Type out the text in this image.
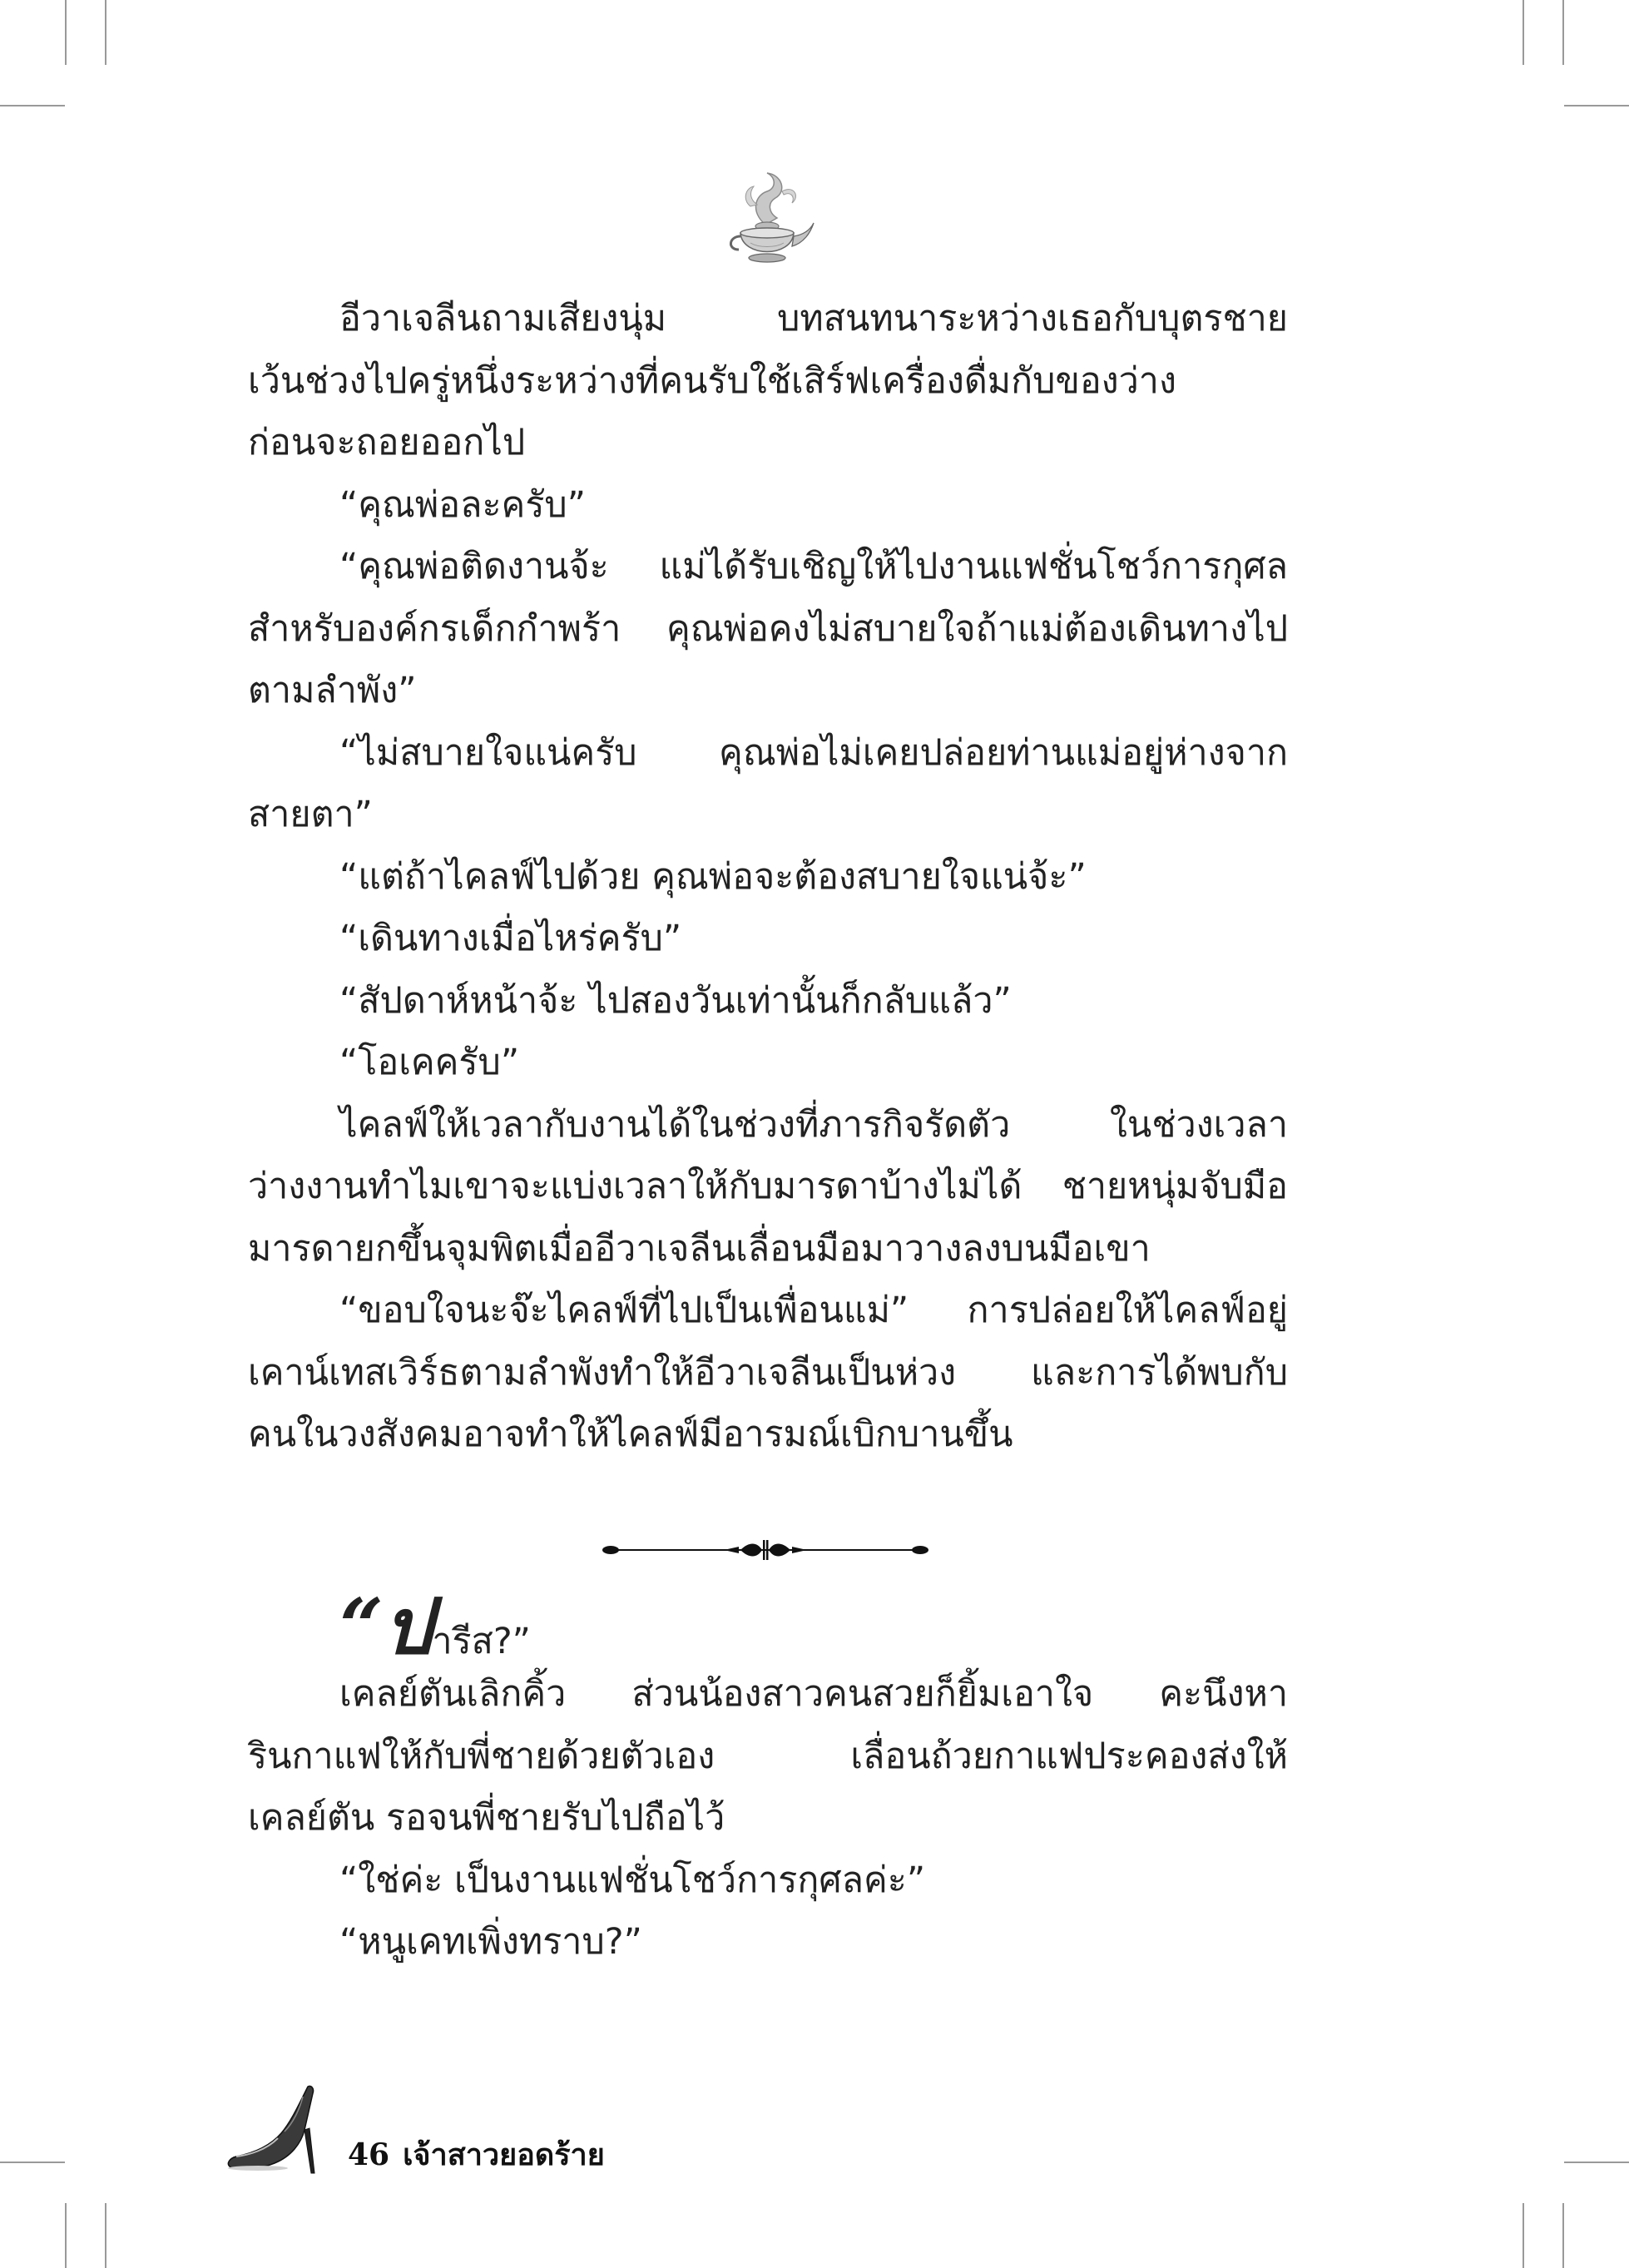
อีวาเจลีนถามเสียงนุ่ม บทสนทนาระหว่างเธอกับบุตรชาย
เว้นช่วงไปครู่หนึ่งระหว่างที่คนรับใช้เสิร์ฟเครื่องดื่มกับของว่าง
ก่อนจะถอยออกไป
“คุณพ่อละครับ”
“คุณพ่อติดงานจ้ะ แม่ได้รับเชิญให้ไปงานแฟชั่นโชว์การกุศล
สำหรับองค์กรเด็กกำพร้า คุณพ่อคงไม่สบายใจถ้าแม่ต้องเดินทางไป
ตามลำพัง”
“ไม่สบายใจแน่ครับ คุณพ่อไม่เคยปล่อยท่านแม่อยู่ห่างจาก
สายตา”
“แต่ถ้าไคลฟ์ไปด้วย คุณพ่อจะต้องสบายใจแน่จ้ะ”
“เดินทางเมื่อไหร่ครับ”
“สัปดาห์หน้าจ้ะ ไปสองวันเท่านั้นก็กลับแล้ว”
“โอเคครับ”
ไคลฟ์ให้เวลากับงานได้ในช่วงที่ภารกิจรัดตัว ในช่วงเวลา
ว่างงานทำไมเขาจะแบ่งเวลาให้กับมารดาบ้างไม่ได้ ชายหนุ่มจับมือ
มารดายกขึ้นจุมพิตเมื่ออีวาเจลีนเลื่อนมือมาวางลงบนมือเขา
“ขอบใจนะจ๊ะไคลฟ์ที่ไปเป็นเพื่อนแม่” การปล่อยให้ไคลฟ์อยู่
เคาน์เทสเวิร์ธตามลำพังทำให้อีวาเจลีนเป็นห่วง และการได้พบกับ
คนในวงสังคมอาจทำให้ไคลฟ์มีอารมณ์เบิกบานขึ้น
“ปารีส?”
เคลย์ตันเลิกคิ้ว ส่วนน้องสาวคนสวยก็ยิ้มเอาใจ คะนึงหา
รินกาแฟให้กับพี่ชายด้วยตัวเอง เลื่อนถ้วยกาแฟประคองส่งให้
เคลย์ตัน รอจนพี่ชายรับไปถือไว้
“ใช่ค่ะ เป็นงานแฟชั่นโชว์การกุศลค่ะ”
“หนูเคทเพิ่งทราบ?”
46 เจ้าสาวยอดร้าย
